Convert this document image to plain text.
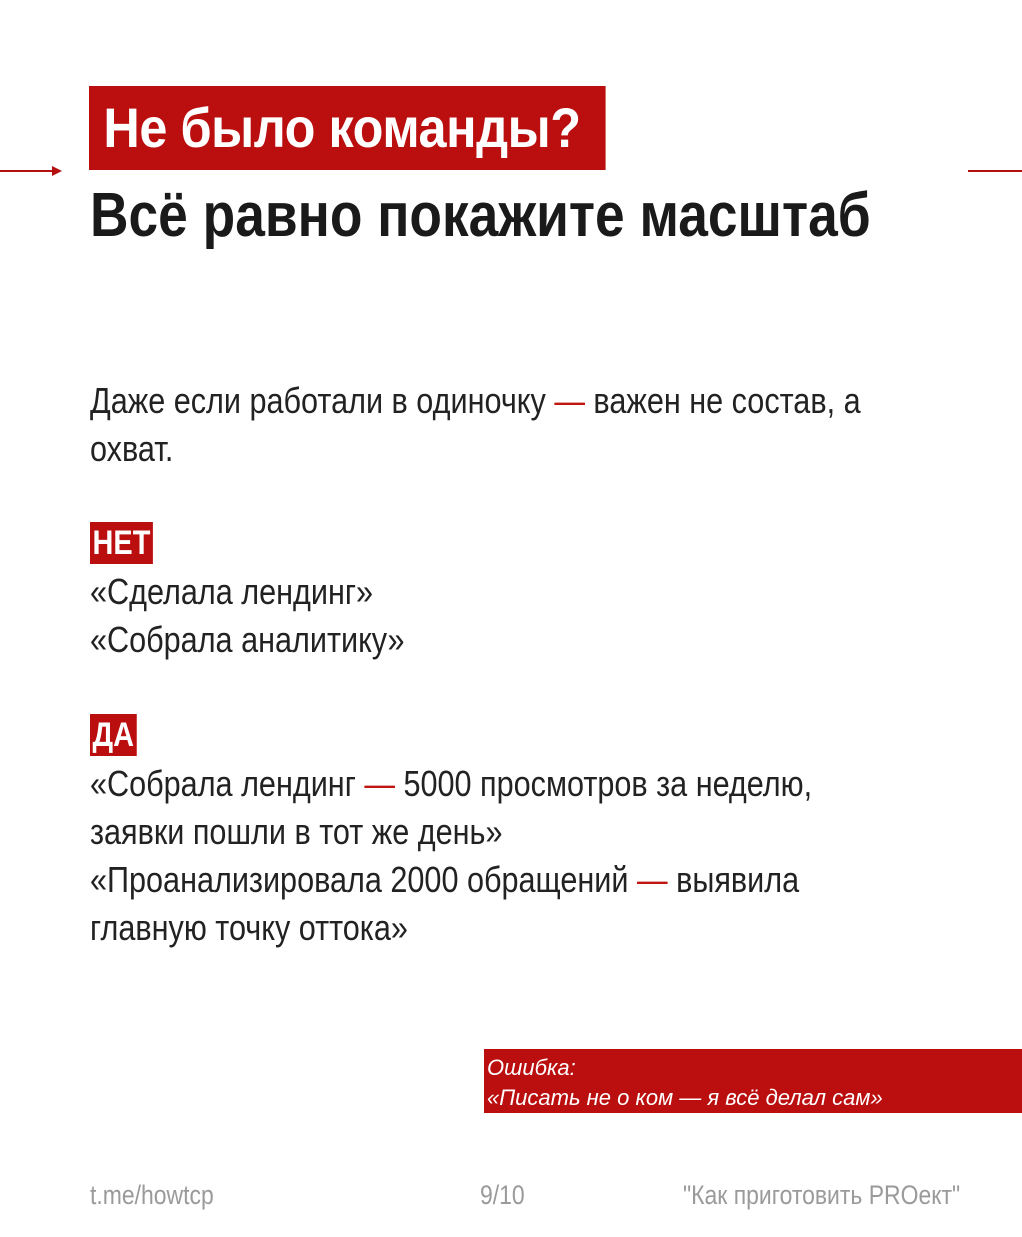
Не было команды?
Всё равно покажите масштаб

Даже если работали в одиночку — важен не состав, а

охват.

НЕТ

«Сделала лендинг»

«Собрала аналитику»

ДА

«Собрала лендинг — 5000 просмотров за неделю,

заявки пошли в тот же день»

«Проанализировала 2000 обращений — выявила

главную точку оттока»

Ошибка:
«Писать не о ком — я всё делал сам»
t.me/howtcp	9/10	"Как приготовить PROект"
